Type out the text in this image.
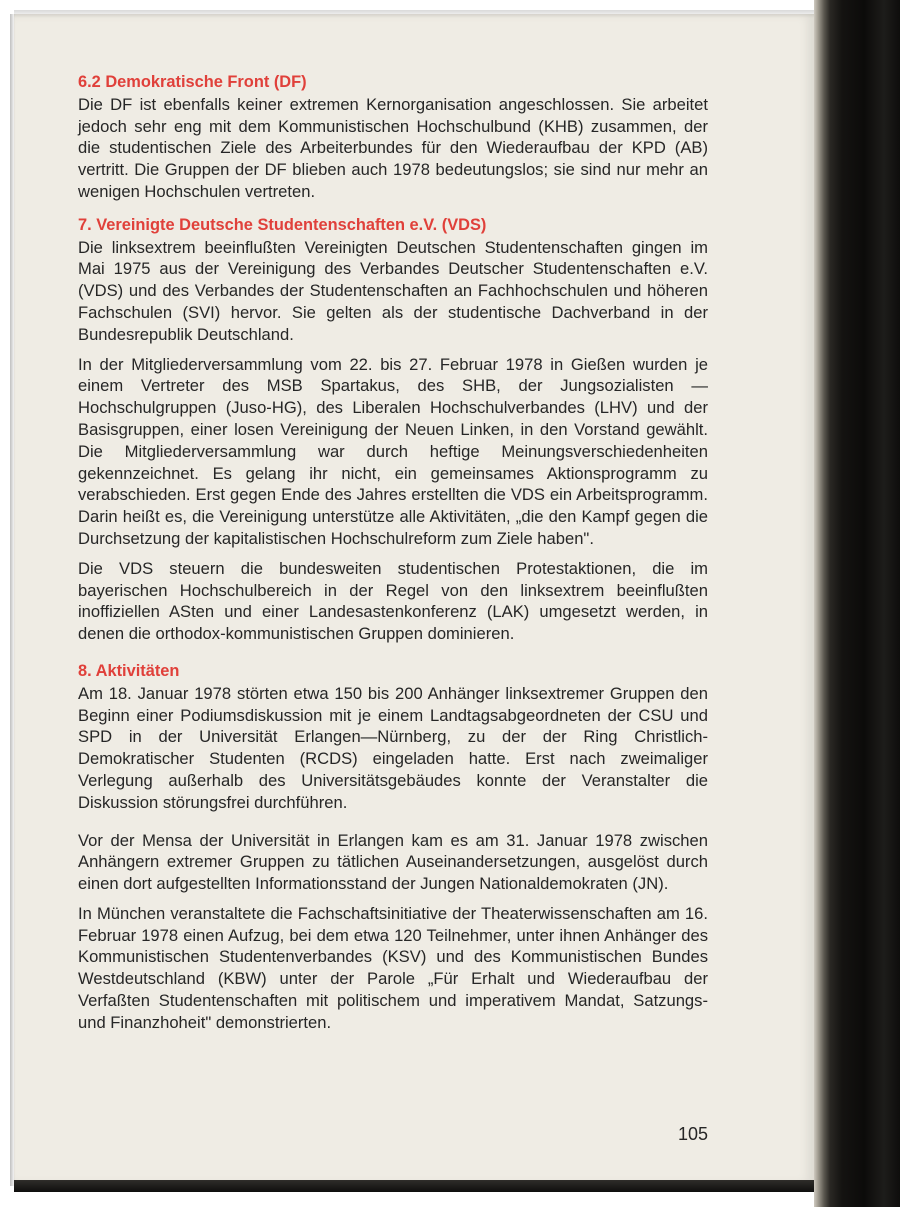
6.2 Demokratische Front (DF)

Die DF ist ebenfalls keiner extremen Kernorganisation angeschlossen. Sie arbeitet jedoch sehr eng mit dem Kommunistischen Hochschulbund (KHB) zusammen, der die studentischen Ziele des Arbeiterbundes für den Wiederaufbau der KPD (AB) vertritt. Die Gruppen der DF blieben auch 1978 bedeutungslos; sie sind nur mehr an wenigen Hochschulen vertreten.

7. Vereinigte Deutsche Studentenschaften e.V. (VDS)

Die linksextrem beeinflußten Vereinigten Deutschen Studentenschaften gingen im Mai 1975 aus der Vereinigung des Verbandes Deutscher Studentenschaften e.V. (VDS) und des Verbandes der Studentenschaften an Fachhochschulen und höheren Fachschulen (SVI) hervor. Sie gelten als der studentische Dachverband in der Bundesrepublik Deutschland.

In der Mitgliederversammlung vom 22. bis 27. Februar 1978 in Gießen wurden je einem Vertreter des MSB Spartakus, des SHB, der Jungsozialisten — Hochschulgruppen (Juso-HG), des Liberalen Hochschulverbandes (LHV) und der Basisgruppen, einer losen Vereinigung der Neuen Linken, in den Vorstand gewählt. Die Mitgliederversammlung war durch heftige Meinungsverschiedenheiten gekennzeichnet. Es gelang ihr nicht, ein gemeinsames Aktionsprogramm zu verabschieden. Erst gegen Ende des Jahres erstellten die VDS ein Arbeitsprogramm. Darin heißt es, die Vereinigung unterstütze alle Aktivitäten, „die den Kampf gegen die Durchsetzung der kapitalistischen Hochschulreform zum Ziele haben".

Die VDS steuern die bundesweiten studentischen Protestaktionen, die im bayerischen Hochschulbereich in der Regel von den linksextrem beeinflußten inoffiziellen ASten und einer Landesastenkonferenz (LAK) umgesetzt werden, in denen die orthodox-kommunistischen Gruppen dominieren.

8. Aktivitäten

Am 18. Januar 1978 störten etwa 150 bis 200 Anhänger linksextremer Gruppen den Beginn einer Podiumsdiskussion mit je einem Landtagsabgeordneten der CSU und SPD in der Universität Erlangen—Nürnberg, zu der der Ring Christlich-Demokratischer Studenten (RCDS) eingeladen hatte. Erst nach zweimaliger Verlegung außerhalb des Universitätsgebäudes konnte der Veranstalter die Diskussion störungsfrei durchführen.

Vor der Mensa der Universität in Erlangen kam es am 31. Januar 1978 zwischen Anhängern extremer Gruppen zu tätlichen Auseinandersetzungen, ausgelöst durch einen dort aufgestellten Informationsstand der Jungen Nationaldemokraten (JN).

In München veranstaltete die Fachschaftsinitiative der Theaterwissenschaften am 16. Februar 1978 einen Aufzug, bei dem etwa 120 Teilnehmer, unter ihnen Anhänger des Kommunistischen Studentenverbandes (KSV) und des Kommunistischen Bundes Westdeutschland (KBW) unter der Parole „Für Erhalt und Wiederaufbau der Verfaßten Studentenschaften mit politischem und imperativem Mandat, Satzungs- und Finanzhoheit" demonstrierten.

105
